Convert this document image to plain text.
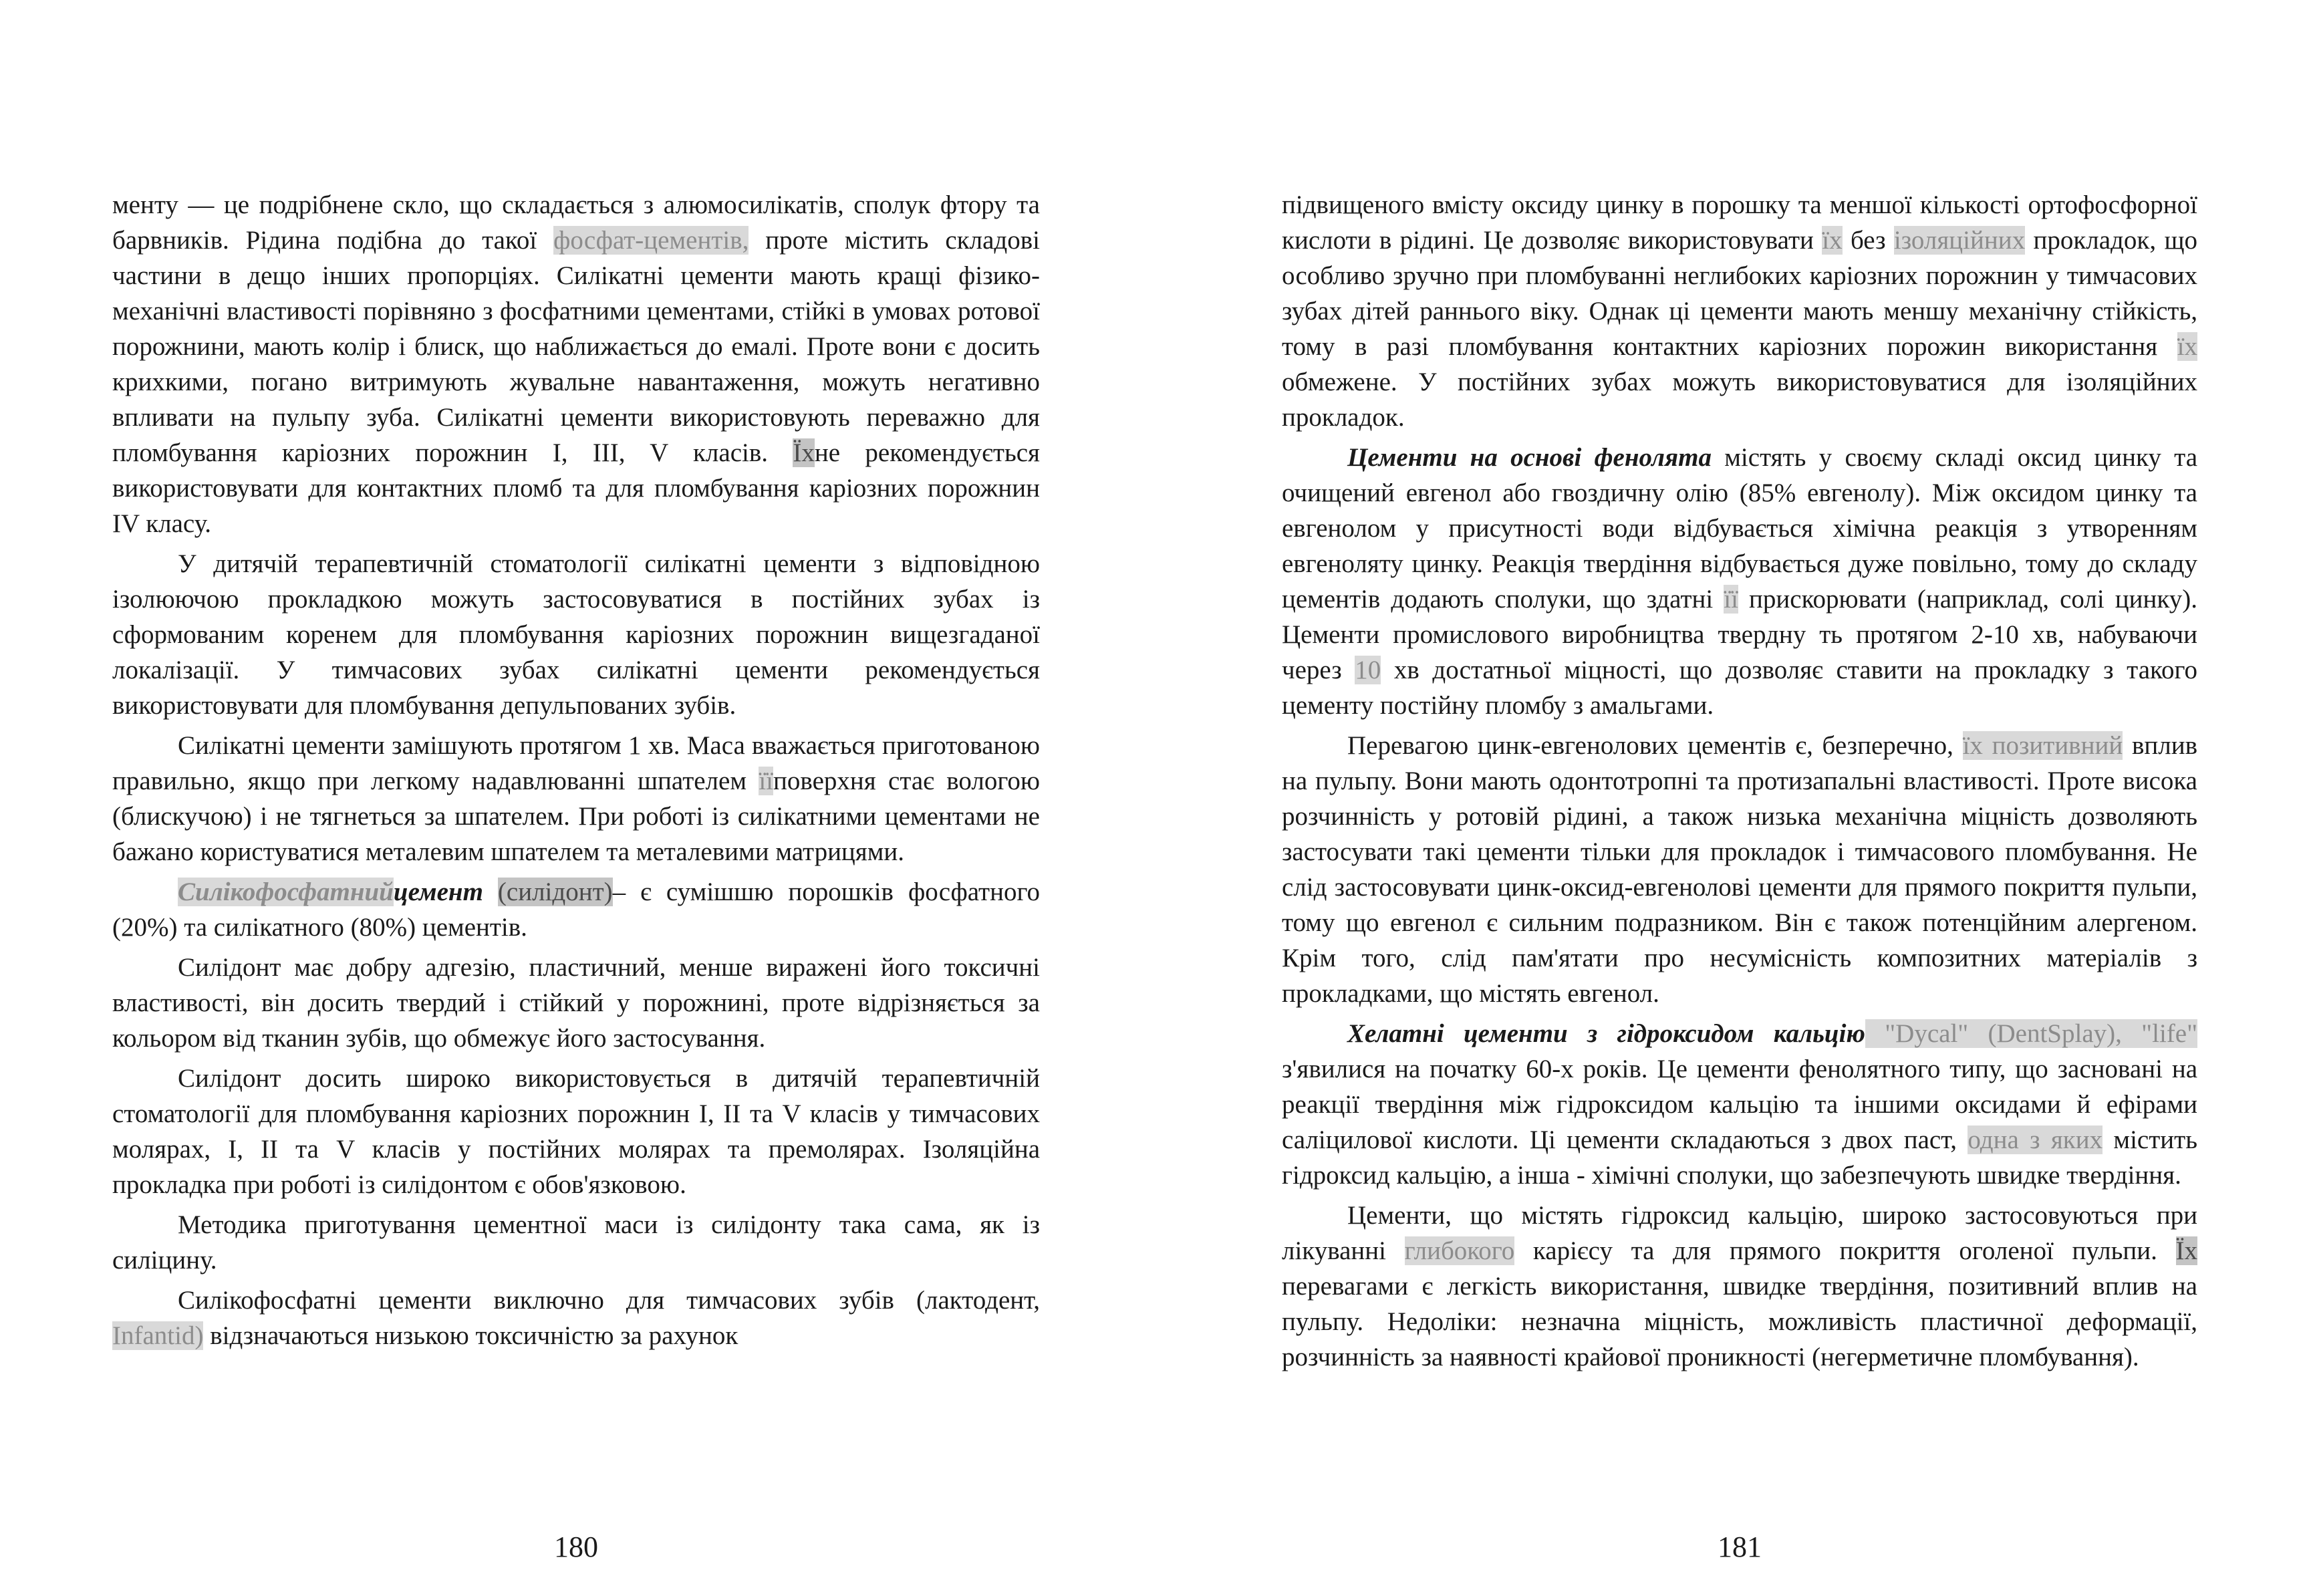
менту — це подрібнене скло, що складається з алюмосилікатів, сполук фтору та барвників. Рідина подібна до такої фосфат-цементів, проте містить складові частини в дещо інших пропорціях. Силікатні цементи мають кращі фізико-механічні властивості порівняно з фосфатними цементами, стійкі в умовах ротової порожнини, мають колір і блиск, що наближається до емалі. Проте вони є досить крихкими, погано витримують жувальне навантаження, можуть негативно впливати на пульпу зуба. Силікатні цементи використовують переважно для пломбування каріозних порожнин І, III, V класів. Їхне рекомендується використовувати для контактних пломб та для пломбування каріозних порожнин IV класу.

У дитячій терапевтичній стоматології силікатні цементи з відповідною ізолюючою прокладкою можуть застосовуватися в постійних зубах із сформованим коренем для пломбування каріозних порожнин вищезгаданої локалізації. У тимчасових зубах силікатні цементи рекомендується використовувати для пломбування депульпованих зубів.

Силікатні цементи замішують протягом 1 хв. Маса вважається приготованою правильно, якщо при легкому надавлюванні шпателем їїповерхня стає вологою (блискучою) і не тягнеться за шпателем. При роботі із силікатними цементами не бажано користуватися металевим шпателем та металевими матрицями.

Силікофосфатнийцемент (силідонт)– є сумішшю порошків фосфатного (20%) та силікатного (80%) цементів.

Силідонт має добру адгезію, пластичний, менше виражені його токсичні властивості, він досить твердий і стійкий у порожнині, проте відрізняється за кольором від тканин зубів, що обмежує його застосування.

Силідонт досить широко використовується в дитячій терапевтичній стоматології для пломбування каріозних порожнин I, II та V класів у тимчасових молярах, I, II та V класів у постійних молярах та премолярах. Ізоляційна прокладка при роботі із силідонтом є обов'язковою.

Методика приготування цементної маси із силідонту така сама, як із силіцину.

Силікофосфатні цементи виключно для тимчасових зубів (лактодент, Infantid) відзначаються низькою токсичністю за рахунок

180

підвищеного вмісту оксиду цинку в порошку та меншої кількості ортофосфорної кислоти в рідині. Це дозволяє використовувати їх без ізоляційних прокладок, що особливо зручно при пломбуванні неглибоких каріозних порожнин у тимчасових зубах дітей раннього віку. Однак ці цементи мають меншу механічну стійкість, тому в разі пломбування контактних каріозних порожин використання їх обмежене. У постійних зубах можуть використовуватися для ізоляційних прокладок.

Цементи на основі фенолята містять у своєму складі оксид цинку та очищений евгенол або гвоздичну олію (85% евгенолу). Між оксидом цинку та евгенолом у присутності води відбувається хімічна реакція з утворенням евгеноляту цинку. Реакція твердіння відбувається дуже повільно, тому до складу цементів додають сполуки, що здатні її прискорювати (наприклад, солі цинку). Цементи промислового виробництва твердну ть протягом 2-10 хв, набуваючи через 10 хв достатньої міцності, що дозволяє ставити на прокладку з такого цементу постійну пломбу з амальгами.

Перевагою цинк-евгенолових цементів є, безперечно, їх позитивний вплив на пульпу. Вони мають одонтотропні та протизапальні властивості. Проте висока розчинність у ротовій рідині, а також низька механічна міцність дозволяють застосувати такі цементи тільки для прокладок і тимчасового пломбування. Не слід застосовувати цинк-оксид-евгенолові цементи для прямого покриття пульпи, тому що евгенол є сильним подразником. Він є також потенційним алергеном. Крім того, слід пам'ятати про несумісність композитних матеріалів з прокладками, що містять евгенол.

Хелатні цементи з гідроксидом кальцію "Dycal" (DentSplay), "lifе" з'явилися на початку 60-х років. Це цементи фенолятного типу, що засновані на реакції твердіння між гідроксидом кальцію та іншими оксидами й ефірами саліцилової кислоти. Ці цементи складаються з двох паст, одна з яких містить гідроксид кальцію, а інша - хімічні сполуки, що забезпечують швидке твердіння.

Цементи, що містять гідроксид кальцію, широко застосовуються при лікуванні глибокого карієсу та для прямого покриття оголеної пульпи. Їх перевагами є легкість використання, швидке твердіння, позитивний вплив на пульпу. Недоліки: незначна міцність, можливість пластичної деформації, розчинність за наявності крайової проникності (негерметичне пломбування).

181
